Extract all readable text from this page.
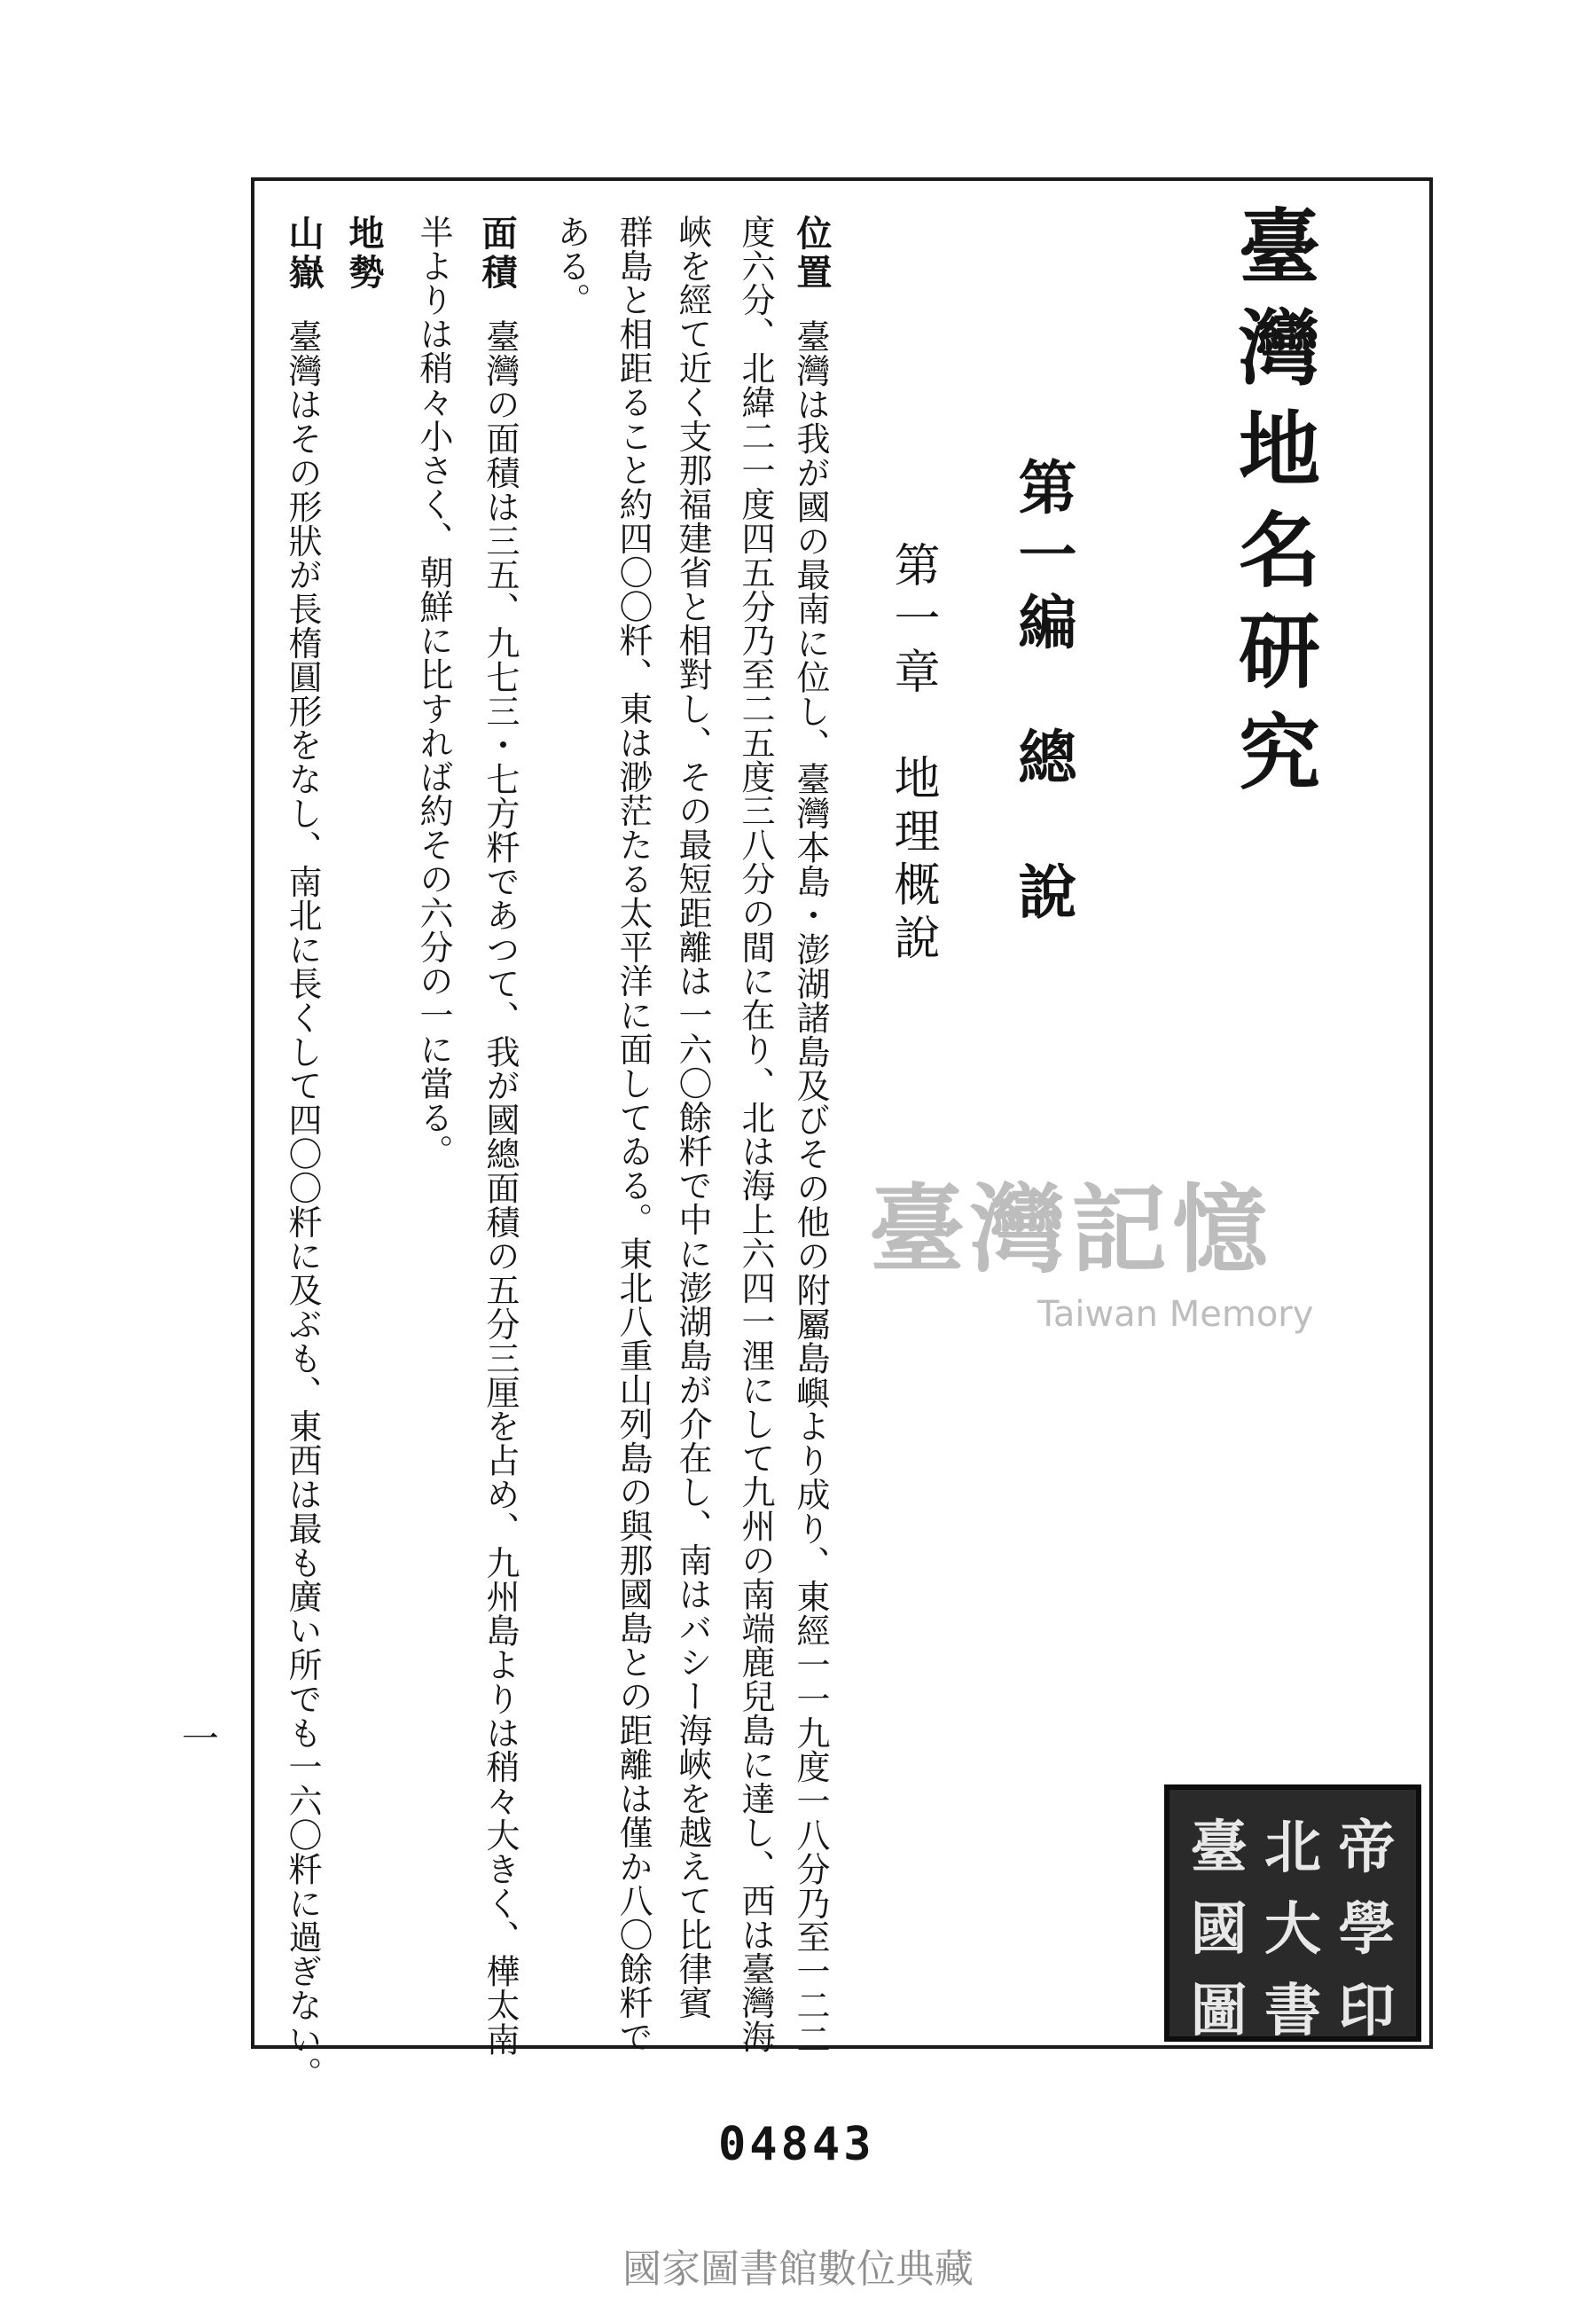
臺灣地名研究
第一編　總　說
第一章　地理概說
位置
面積
地勢
山嶽
臺灣は我が國の最南に位し、臺灣本島・澎湖諸島及びその他の附屬島嶼より成り、東經一一九度一八分乃至一二二
度六分、北緯二一度四五分乃至二五度三八分の間に在り、北は海上六四一浬にして九州の南端鹿兒島に達し、西は臺灣海
峽を經て近く支那福建省と相對し、その最短距離は一六〇餘粁で中に澎湖島が介在し、南はバシー海峽を越えて比律賓
群島と相距ること約四〇〇粁、東は渺茫たる太平洋に面してゐる。東北八重山列島の與那國島との距離は僅か八〇餘粁で
ある。
臺灣の面積は三五、九七三・七方粁であつて、我が國總面積の五分三厘を占め、九州島よりは稍々大きく、樺太南
半よりは稍々小さく、朝鮮に比すれば約その六分の一に當る。
臺灣はその形狀が長楕圓形をなし、南北に長くして四〇〇粁に及ぶも、東西は最も廣い所でも一六〇粁に過ぎない。	臺灣記憶
Taiwan Memory
一
臺 北 帝
國 大 學
圖 書 印
04843
國家圖書館數位典藏
